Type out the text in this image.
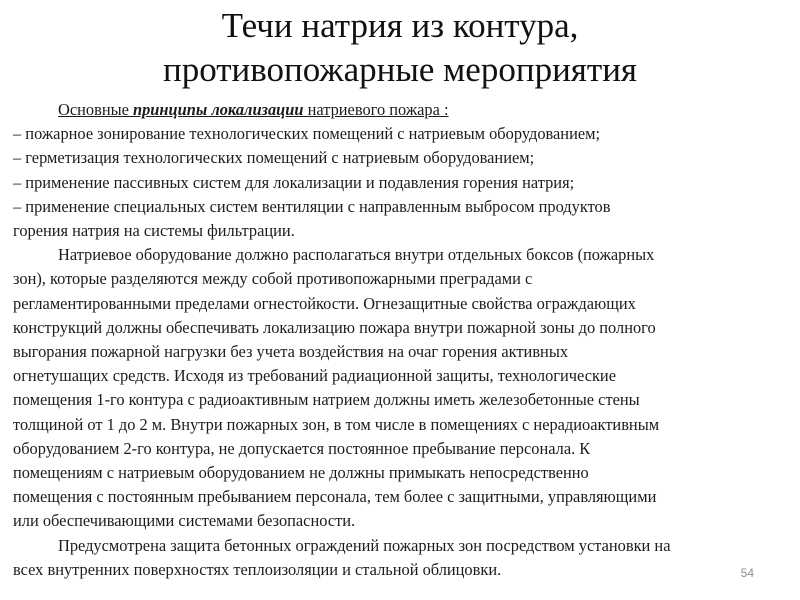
Течи натрия из контура,
противопожарные мероприятия
Основные принципы локализации натриевого пожара :
– пожарное зонирование технологических помещений с натриевым оборудованием;
– герметизация технологических помещений с натриевым оборудованием;
– применение пассивных систем для локализации и подавления горения натрия;
– применение специальных систем вентиляции с направленным выбросом продуктов
горения натрия на системы фильтрации.
Натриевое оборудование должно располагаться внутри отдельных боксов (пожарных
зон), которые разделяются между собой противопожарными преградами с
регламентированными пределами огнестойкости. Огнезащитные свойства ограждающих
конструкций должны обеспечивать локализацию пожара внутри пожарной зоны до полного
выгорания пожарной нагрузки без учета воздействия на очаг горения активных
огнетушащих средств. Исходя из требований радиационной защиты, технологические
помещения 1-го контура с радиоактивным натрием должны иметь железобетонные стены
толщиной от 1 до 2 м. Внутри пожарных зон, в том числе в помещениях с нерадиоактивным
оборудованием 2-го контура, не допускается постоянное пребывание персонала. К
помещениям с натриевым оборудованием не должны примыкать непосредственно
помещения с постоянным пребыванием персонала, тем более с защитными, управляющими
или обеспечивающими системами безопасности.
Предусмотрена защита бетонных ограждений пожарных зон посредством установки на
всех внутренних поверхностях теплоизоляции и стальной облицовки.	54
